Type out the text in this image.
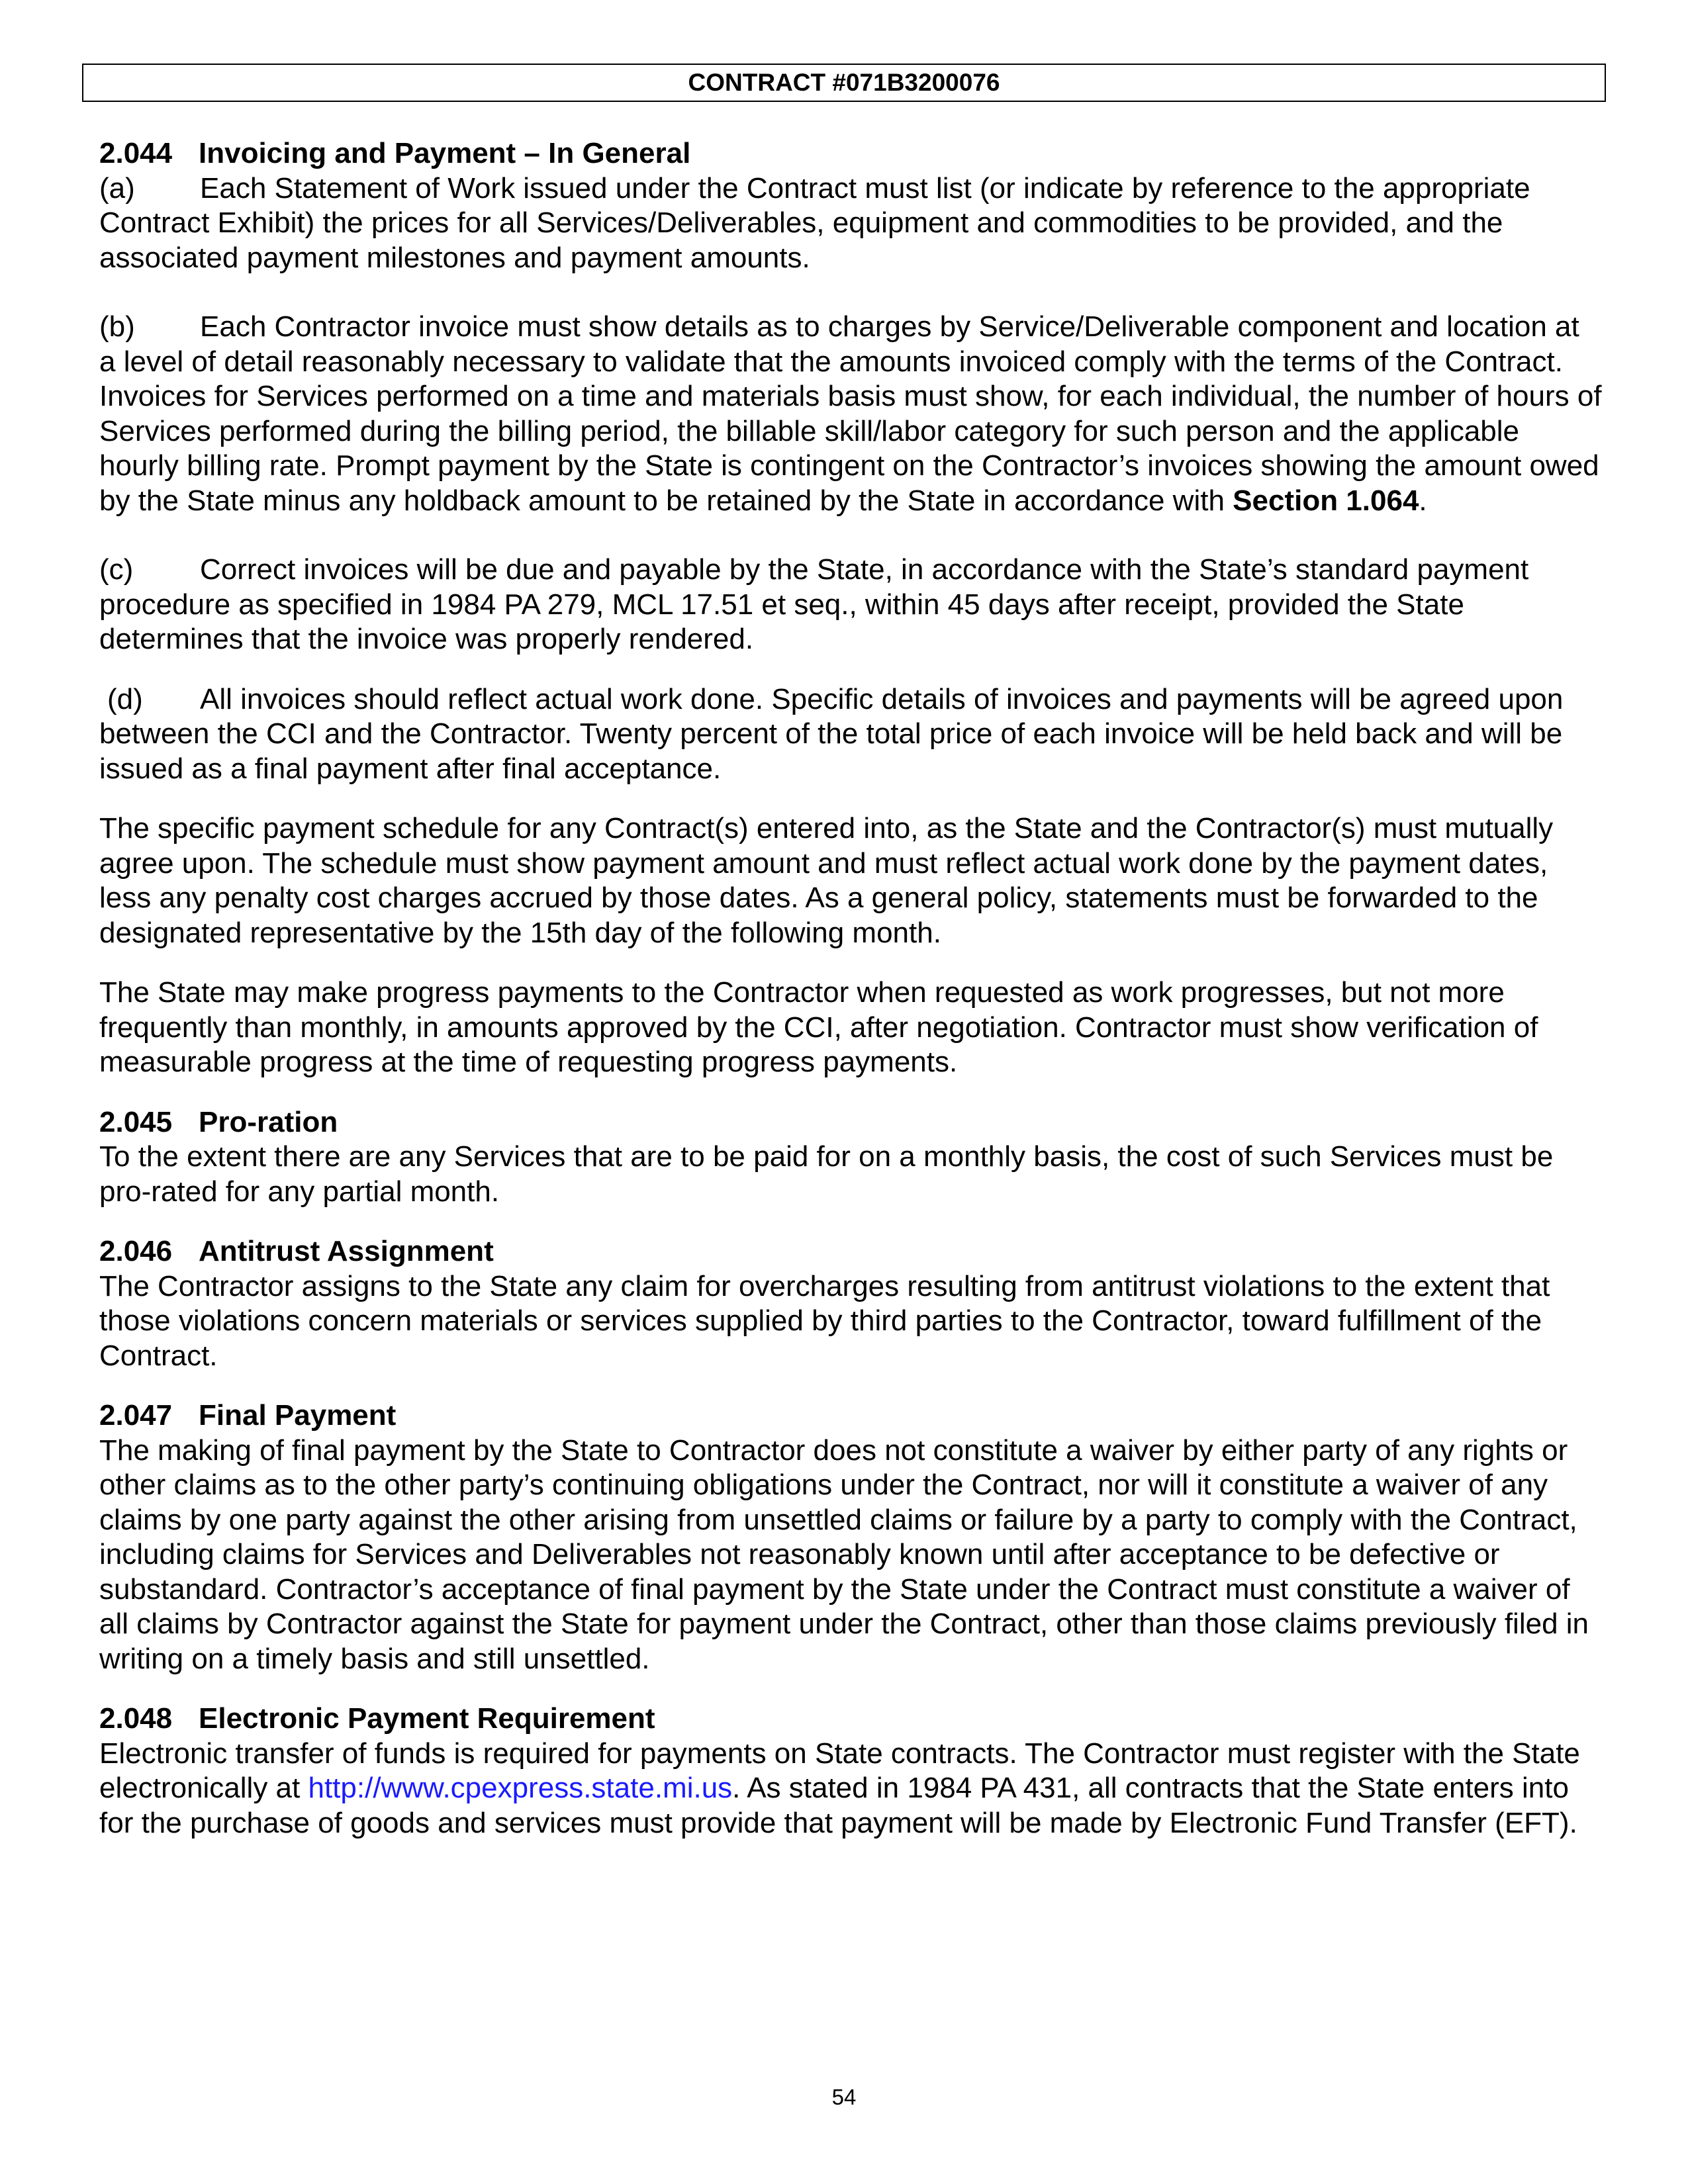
CONTRACT #071B3200076
2.044 Invoicing and Payment – In General

(a) Each Statement of Work issued under the Contract must list (or indicate by reference to the appropriate Contract Exhibit) the prices for all Services/Deliverables, equipment and commodities to be provided, and the associated payment milestones and payment amounts.

(b) Each Contractor invoice must show details as to charges by Service/Deliverable component and location at a level of detail reasonably necessary to validate that the amounts invoiced comply with the terms of the Contract. Invoices for Services performed on a time and materials basis must show, for each individual, the number of hours of Services performed during the billing period, the billable skill/labor category for such person and the applicable hourly billing rate. Prompt payment by the State is contingent on the Contractor’s invoices showing the amount owed by the State minus any holdback amount to be retained by the State in accordance with Section 1.064.

(c) Correct invoices will be due and payable by the State, in accordance with the State’s standard payment procedure as specified in 1984 PA 279, MCL 17.51 et seq., within 45 days after receipt, provided the State determines that the invoice was properly rendered.

(d) All invoices should reflect actual work done. Specific details of invoices and payments will be agreed upon between the CCI and the Contractor. Twenty percent of the total price of each invoice will be held back and will be issued as a final payment after final acceptance.

The specific payment schedule for any Contract(s) entered into, as the State and the Contractor(s) must mutually agree upon. The schedule must show payment amount and must reflect actual work done by the payment dates, less any penalty cost charges accrued by those dates. As a general policy, statements must be forwarded to the designated representative by the 15th day of the following month.

The State may make progress payments to the Contractor when requested as work progresses, but not more frequently than monthly, in amounts approved by the CCI, after negotiation. Contractor must show verification of measurable progress at the time of requesting progress payments.

2.045 Pro-ration

To the extent there are any Services that are to be paid for on a monthly basis, the cost of such Services must be pro-rated for any partial month.

2.046 Antitrust Assignment

The Contractor assigns to the State any claim for overcharges resulting from antitrust violations to the extent that those violations concern materials or services supplied by third parties to the Contractor, toward fulfillment of the Contract.

2.047 Final Payment

The making of final payment by the State to Contractor does not constitute a waiver by either party of any rights or other claims as to the other party’s continuing obligations under the Contract, nor will it constitute a waiver of any claims by one party against the other arising from unsettled claims or failure by a party to comply with the Contract, including claims for Services and Deliverables not reasonably known until after acceptance to be defective or substandard. Contractor’s acceptance of final payment by the State under the Contract must constitute a waiver of all claims by Contractor against the State for payment under the Contract, other than those claims previously filed in writing on a timely basis and still unsettled.

2.048 Electronic Payment Requirement

Electronic transfer of funds is required for payments on State contracts. The Contractor must register with the State electronically at http://www.cpexpress.state.mi.us. As stated in 1984 PA 431, all contracts that the State enters into for the purchase of goods and services must provide that payment will be made by Electronic Fund Transfer (EFT).

54
